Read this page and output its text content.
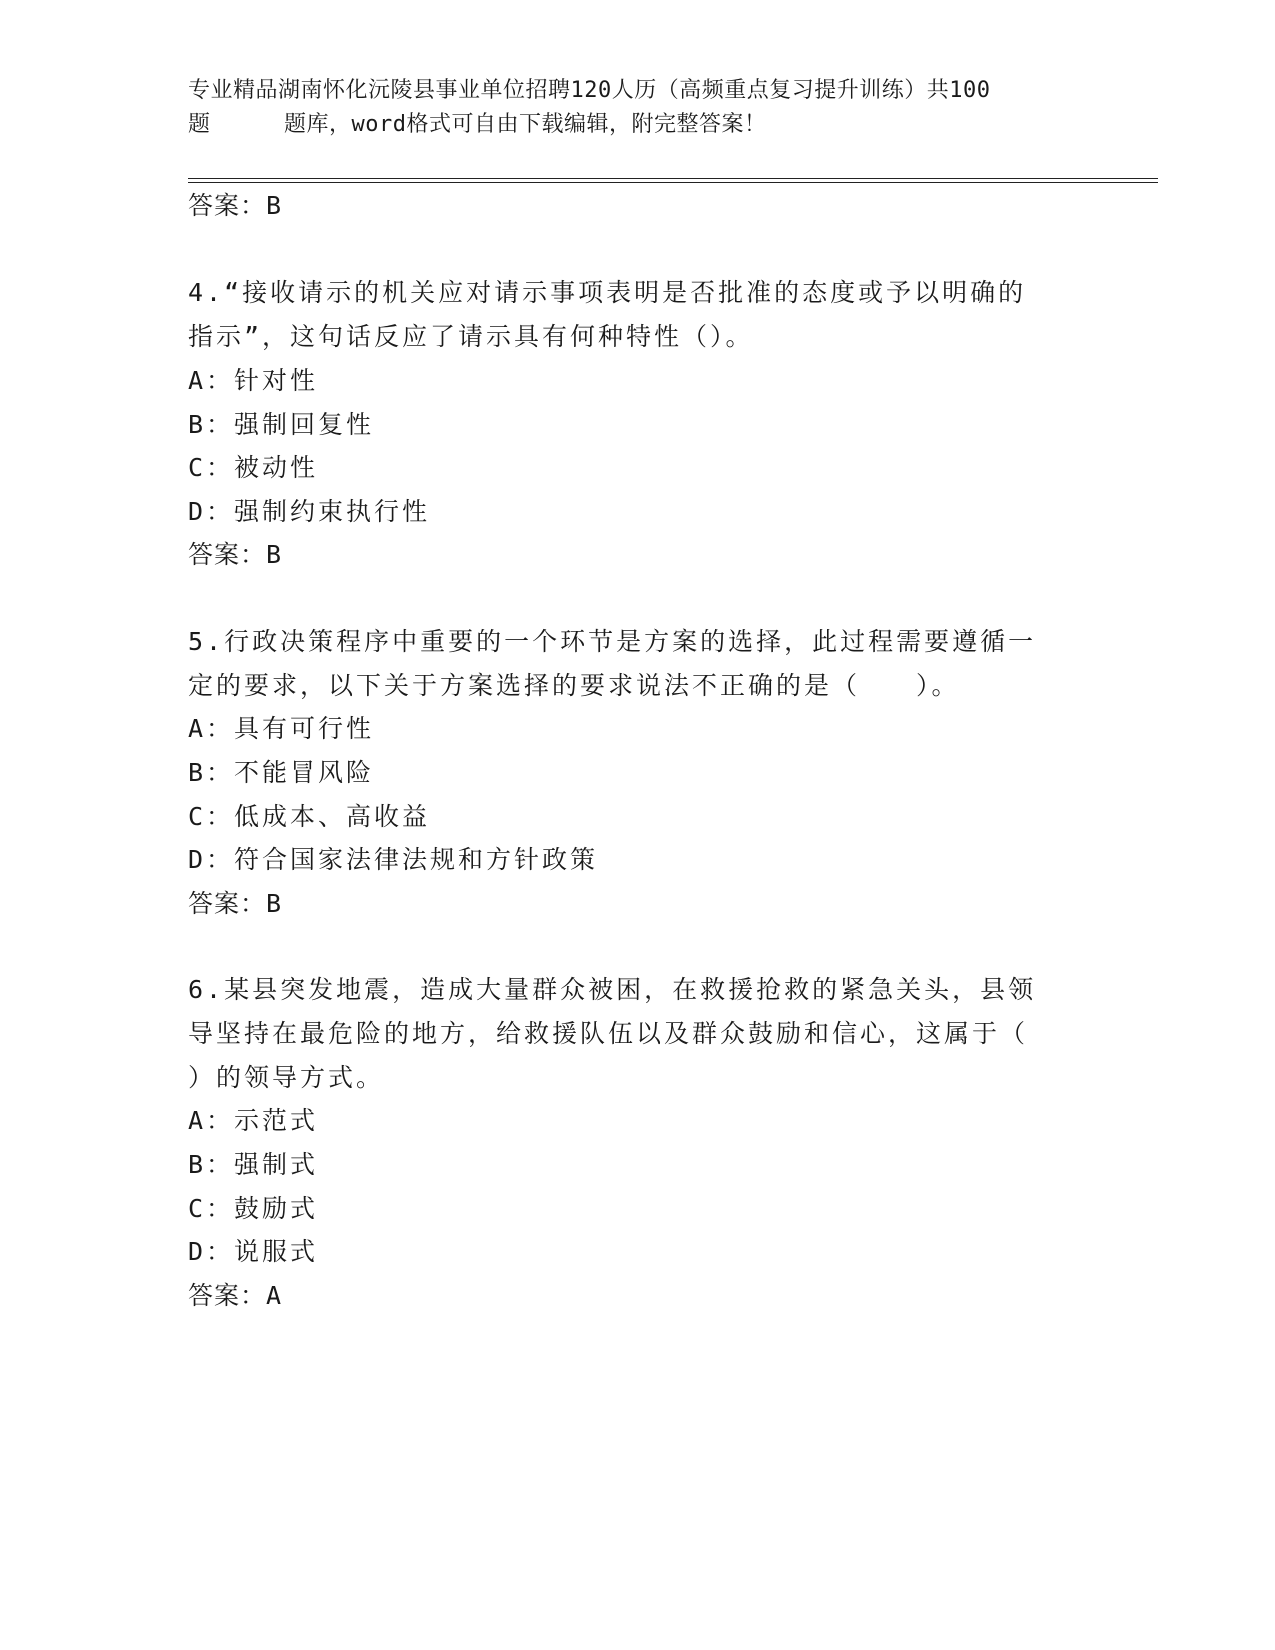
专业精品湖南怀化沅陵县事业单位招聘120人历（高频重点复习提升训练）共100
题	题库，word格式可自由下载编辑，附完整答案！
答案：B
4.“接收请示的机关应对请示事项表明是否批准的态度或予以明确的
指示”，这句话反应了请示具有何种特性（）。
A：针对性
B：强制回复性
C：被动性
D：强制约束执行性
答案：B
5.行政决策程序中重要的一个环节是方案的选择，此过程需要遵循一
定的要求，以下关于方案选择的要求说法不正确的是（　　）。
A：具有可行性
B：不能冒风险
C：低成本、高收益
D：符合国家法律法规和方针政策
答案：B
6.某县突发地震，造成大量群众被困，在救援抢救的紧急关头，县领
导坚持在最危险的地方，给救援队伍以及群众鼓励和信心，这属于（
）的领导方式。
A：示范式
B：强制式
C：鼓励式
D：说服式
答案：A
